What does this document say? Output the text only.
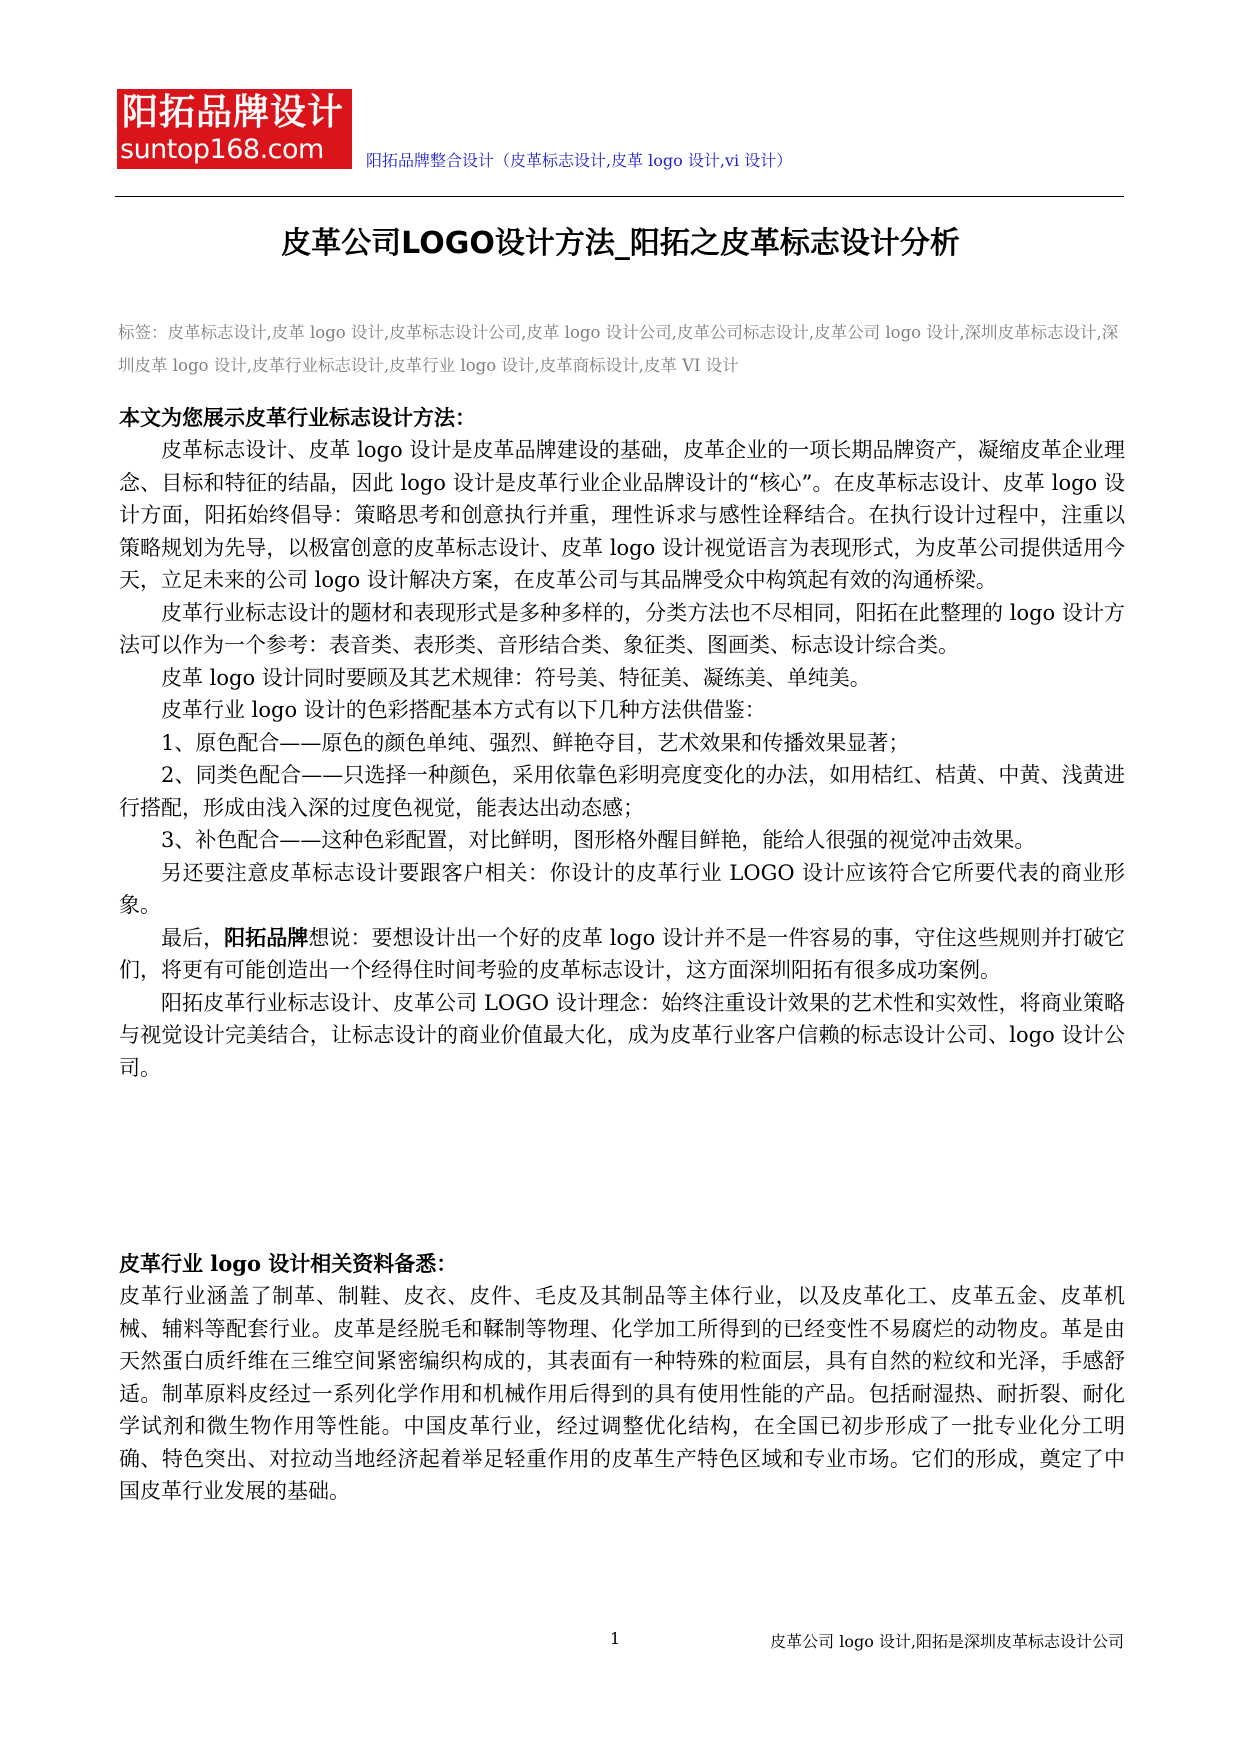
阳拓品牌设计
suntop168.com	阳拓品牌整合设计（皮革标志设计,皮革 logo 设计,vi 设计）
皮革公司LOGO设计方法_阳拓之皮革标志设计分析
标签：皮革标志设计,皮革 logo 设计,皮革标志设计公司,皮革 logo 设计公司,皮革公司标志设计,皮革公司 logo 设计,深圳皮革标志设计,深圳皮革 logo 设计,皮革行业标志设计,皮革行业 logo 设计,皮革商标设计,皮革 VI 设计

本文为您展示皮革行业标志设计方法：

皮革标志设计、皮革 logo 设计是皮革品牌建设的基础，皮革企业的一项长期品牌资产，凝缩皮革企业理念、目标和特征的结晶，因此 logo 设计是皮革行业企业品牌设计的“核心”。在皮革标志设计、皮革 logo 设计方面，阳拓始终倡导：策略思考和创意执行并重，理性诉求与感性诠释结合。在执行设计过程中，注重以策略规划为先导，以极富创意的皮革标志设计、皮革 logo 设计视觉语言为表现形式，为皮革公司提供适用今天，立足未来的公司 logo 设计解决方案，在皮革公司与其品牌受众中构筑起有效的沟通桥梁。

皮革行业标志设计的题材和表现形式是多种多样的，分类方法也不尽相同，阳拓在此整理的 logo 设计方法可以作为一个参考：表音类、表形类、音形结合类、象征类、图画类、标志设计综合类。

皮革 logo 设计同时要顾及其艺术规律：符号美、特征美、凝练美、单纯美。

皮革行业 logo 设计的色彩搭配基本方式有以下几种方法供借鉴：

1、原色配合——原色的颜色单纯、强烈、鲜艳夺目，艺术效果和传播效果显著；

2、同类色配合——只选择一种颜色，采用依靠色彩明亮度变化的办法，如用桔红、桔黄、中黄、浅黄进行搭配，形成由浅入深的过度色视觉，能表达出动态感；

3、补色配合——这种色彩配置，对比鲜明，图形格外醒目鲜艳，能给人很强的视觉冲击效果。

另还要注意皮革标志设计要跟客户相关：你设计的皮革行业 LOGO 设计应该符合它所要代表的商业形象。

最后，阳拓品牌想说：要想设计出一个好的皮革 logo 设计并不是一件容易的事，守住这些规则并打破它们，将更有可能创造出一个经得住时间考验的皮革标志设计，这方面深圳阳拓有很多成功案例。

阳拓皮革行业标志设计、皮革公司 LOGO 设计理念：始终注重设计效果的艺术性和实效性，将商业策略与视觉设计完美结合，让标志设计的商业价值最大化，成为皮革行业客户信赖的标志设计公司、logo 设计公司。

皮革行业 logo 设计相关资料备悉：

皮革行业涵盖了制革、制鞋、皮衣、皮件、毛皮及其制品等主体行业，以及皮革化工、皮革五金、皮革机械、辅料等配套行业。皮革是经脱毛和鞣制等物理、化学加工所得到的已经变性不易腐烂的动物皮。革是由天然蛋白质纤维在三维空间紧密编织构成的，其表面有一种特殊的粒面层，具有自然的粒纹和光泽，手感舒适。制革原料皮经过一系列化学作用和机械作用后得到的具有使用性能的产品。包括耐湿热、耐折裂、耐化学试剂和微生物作用等性能。中国皮革行业，经过调整优化结构，在全国已初步形成了一批专业化分工明确、特色突出、对拉动当地经济起着举足轻重作用的皮革生产特色区域和专业市场。它们的形成，奠定了中国皮革行业发展的基础。

1	皮革公司 logo 设计,阳拓是深圳皮革标志设计公司
